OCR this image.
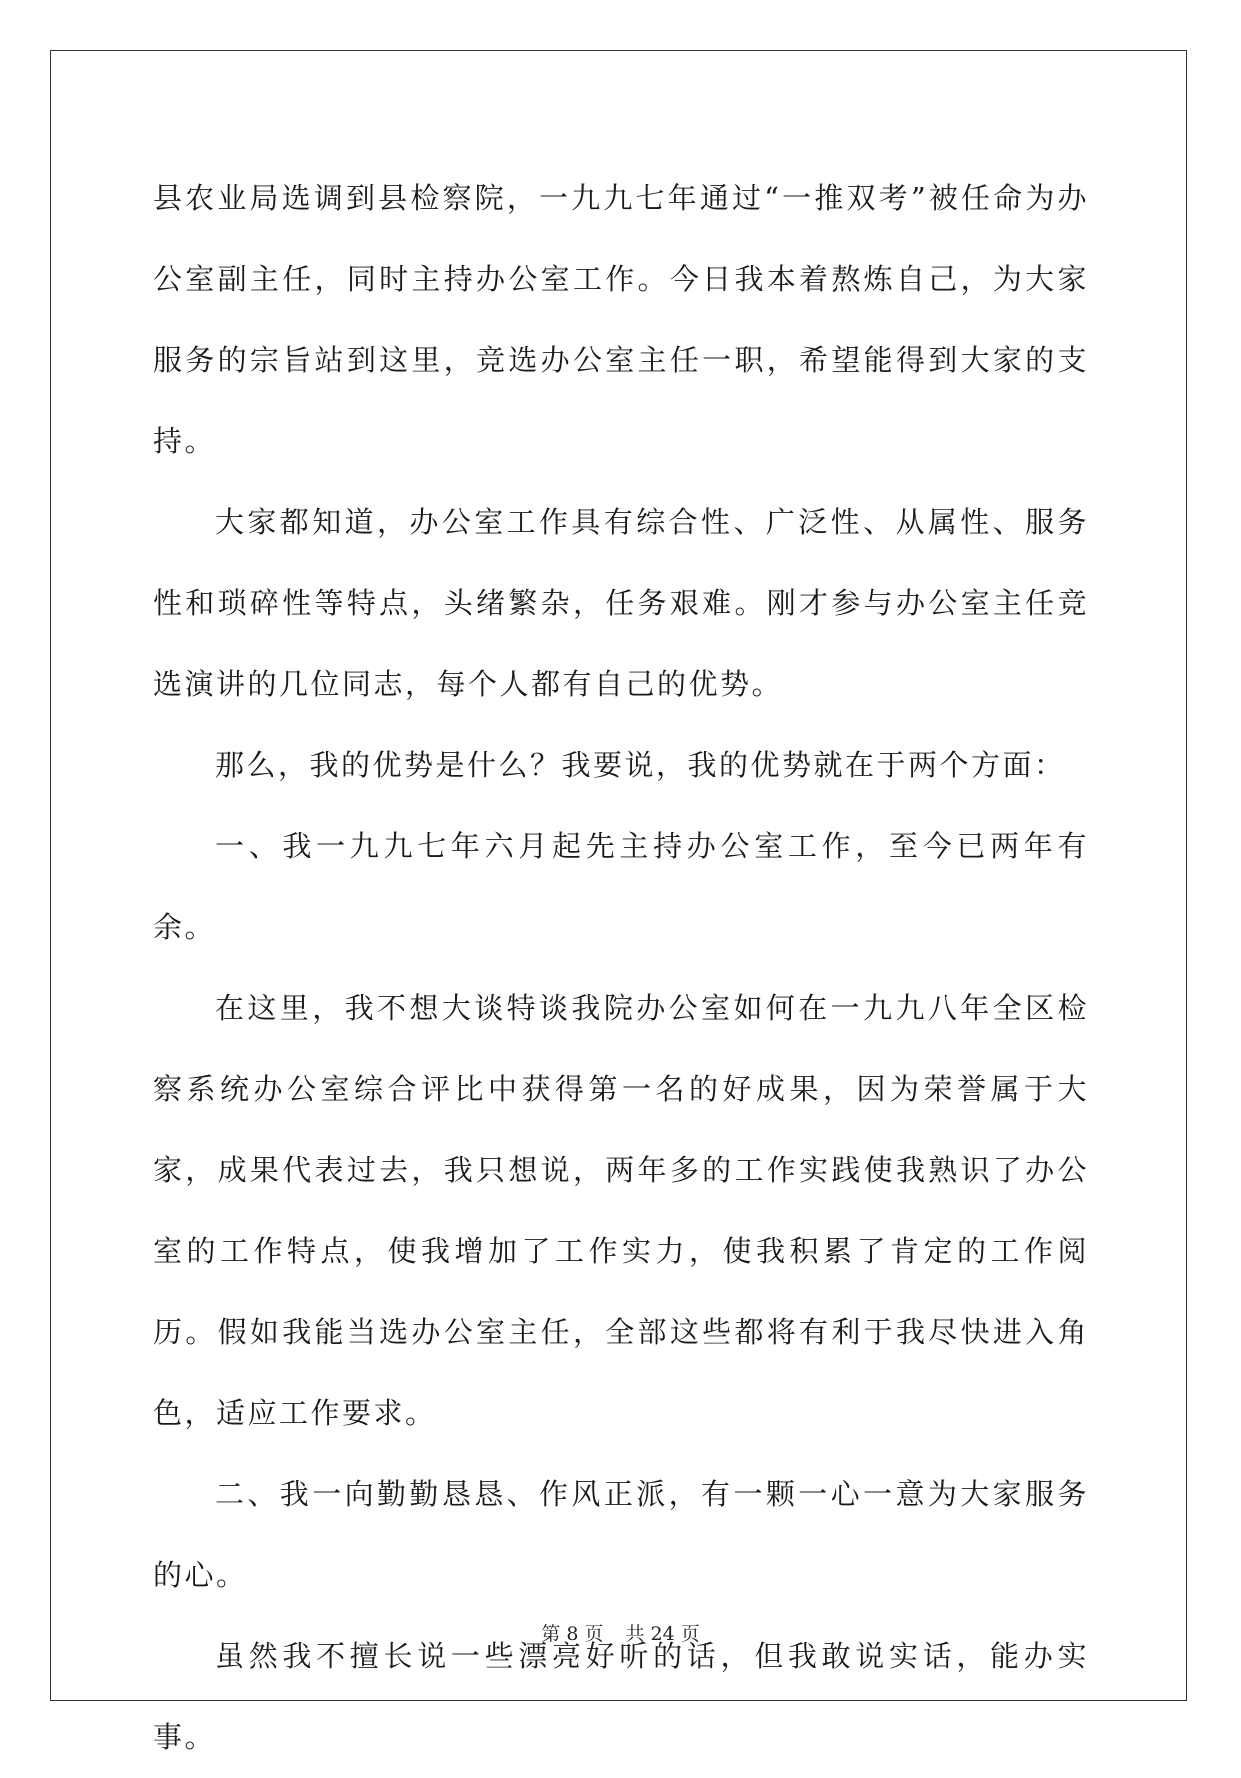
县农业局选调到县检察院，一九九七年通过“一推双考”被任命为办公室副主任，同时主持办公室工作。今日我本着熬炼自己，为大家服务的宗旨站到这里，竞选办公室主任一职，希望能得到大家的支持。

大家都知道，办公室工作具有综合性、广泛性、从属性、服务性和琐碎性等特点，头绪繁杂，任务艰难。刚才参与办公室主任竞选演讲的几位同志，每个人都有自己的优势。

那么，我的优势是什么？我要说，我的优势就在于两个方面：

一、我一九九七年六月起先主持办公室工作，至今已两年有余。

在这里，我不想大谈特谈我院办公室如何在一九九八年全区检察系统办公室综合评比中获得第一名的好成果，因为荣誉属于大家，成果代表过去，我只想说，两年多的工作实践使我熟识了办公室的工作特点，使我增加了工作实力，使我积累了肯定的工作阅历。假如我能当选办公室主任，全部这些都将有利于我尽快进入角色，适应工作要求。

二、我一向勤勤恳恳、作风正派，有一颗一心一意为大家服务的心。

虽然我不擅长说一些漂亮好听的话，但我敢说实话，能办实事。

第 8 页 共 24 页
